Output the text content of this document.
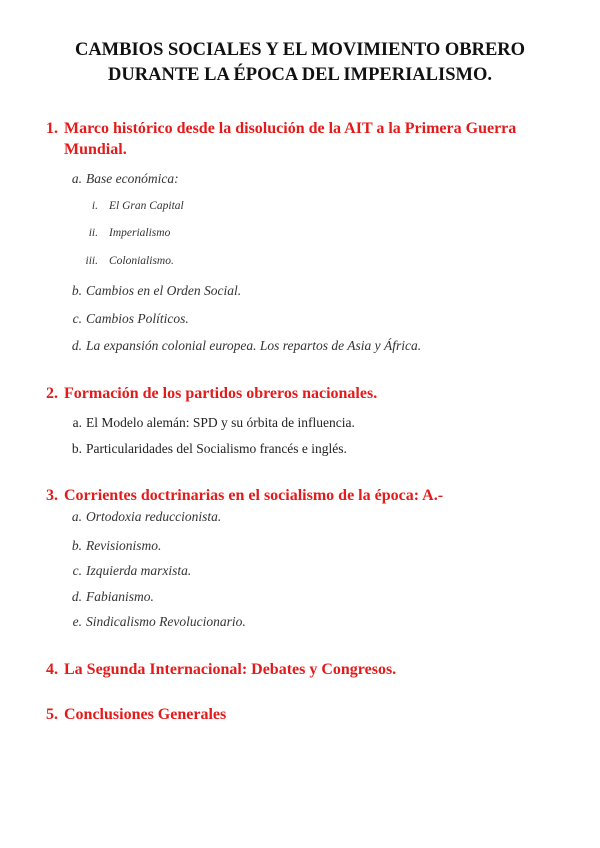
CAMBIOS SOCIALES Y EL MOVIMIENTO OBRERO
DURANTE LA ÉPOCA DEL IMPERIALISMO.
1. Marco histórico desde la disolución de la AIT a la Primera Guerra Mundial.
a. Base económica:
i. El Gran Capital
ii. Imperialismo
iii. Colonialismo.
b. Cambios en el Orden Social.
c. Cambios Políticos.
d. La expansión colonial europea. Los repartos de Asia y África.
2. Formación de los partidos obreros nacionales.
a. El Modelo alemán: SPD y su órbita de influencia.
b. Particularidades del Socialismo francés e inglés.
3. Corrientes doctrinarias en el socialismo de la época: A.-
a. Ortodoxia reduccionista.
b. Revisionismo.
c. Izquierda marxista.
d. Fabianismo.
e. Sindicalismo Revolucionario.
4. La Segunda Internacional: Debates y Congresos.
5. Conclusiones Generales
